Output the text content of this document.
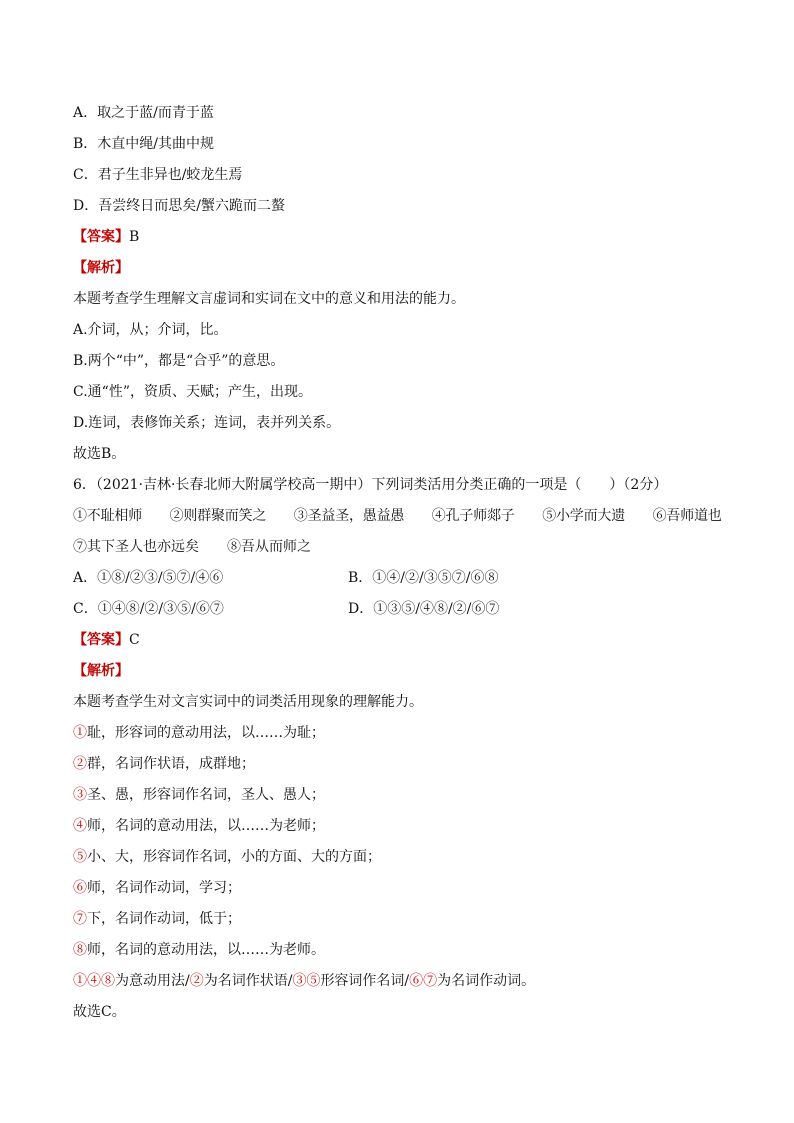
A．取之于蓝/而青于蓝
B．木直中绳/其曲中规
C．君子生非异也/蛟龙生焉
D．吾尝终日而思矣/蟹六跪而二螯
【答案】B
【解析】
本题考查学生理解文言虚词和实词在文中的意义和用法的能力。
A.介词，从；介词，比。
B.两个“中”，都是“合乎”的意思。
C.通“性”，资质、天赋；产生，出现。
D.连词，表修饰关系；连词，表并列关系。
故选B。
6．（2021·吉林·长春北师大附属学校高一期中）下列词类活用分类正确的一项是（　　）（2分）
①不耻相师　　②则群聚而笑之　　③圣益圣，愚益愚　　④孔子师郯子　　⑤小学而大遗　　⑥吾师道也
⑦其下圣人也亦远矣　　⑧吾从而师之
A．①⑧/②③/⑤⑦/④⑥	B．①④/②/③⑤⑦/⑥⑧
C．①④⑧/②/③⑤/⑥⑦	D．①③⑤/④⑧/②/⑥⑦
【答案】C
【解析】
本题考查学生对文言实词中的词类活用现象的理解能力。
①耻，形容词的意动用法，以……为耻；
②群，名词作状语，成群地；
③圣、愚，形容词作名词，圣人、愚人；
④师，名词的意动用法，以……为老师；
⑤小、大，形容词作名词，小的方面、大的方面；
⑥师，名词作动词，学习；
⑦下，名词作动词，低于；
⑧师，名词的意动用法，以……为老师。
①④⑧为意动用法/②为名词作状语/③⑤形容词作名词/⑥⑦为名词作动词。
故选C。
